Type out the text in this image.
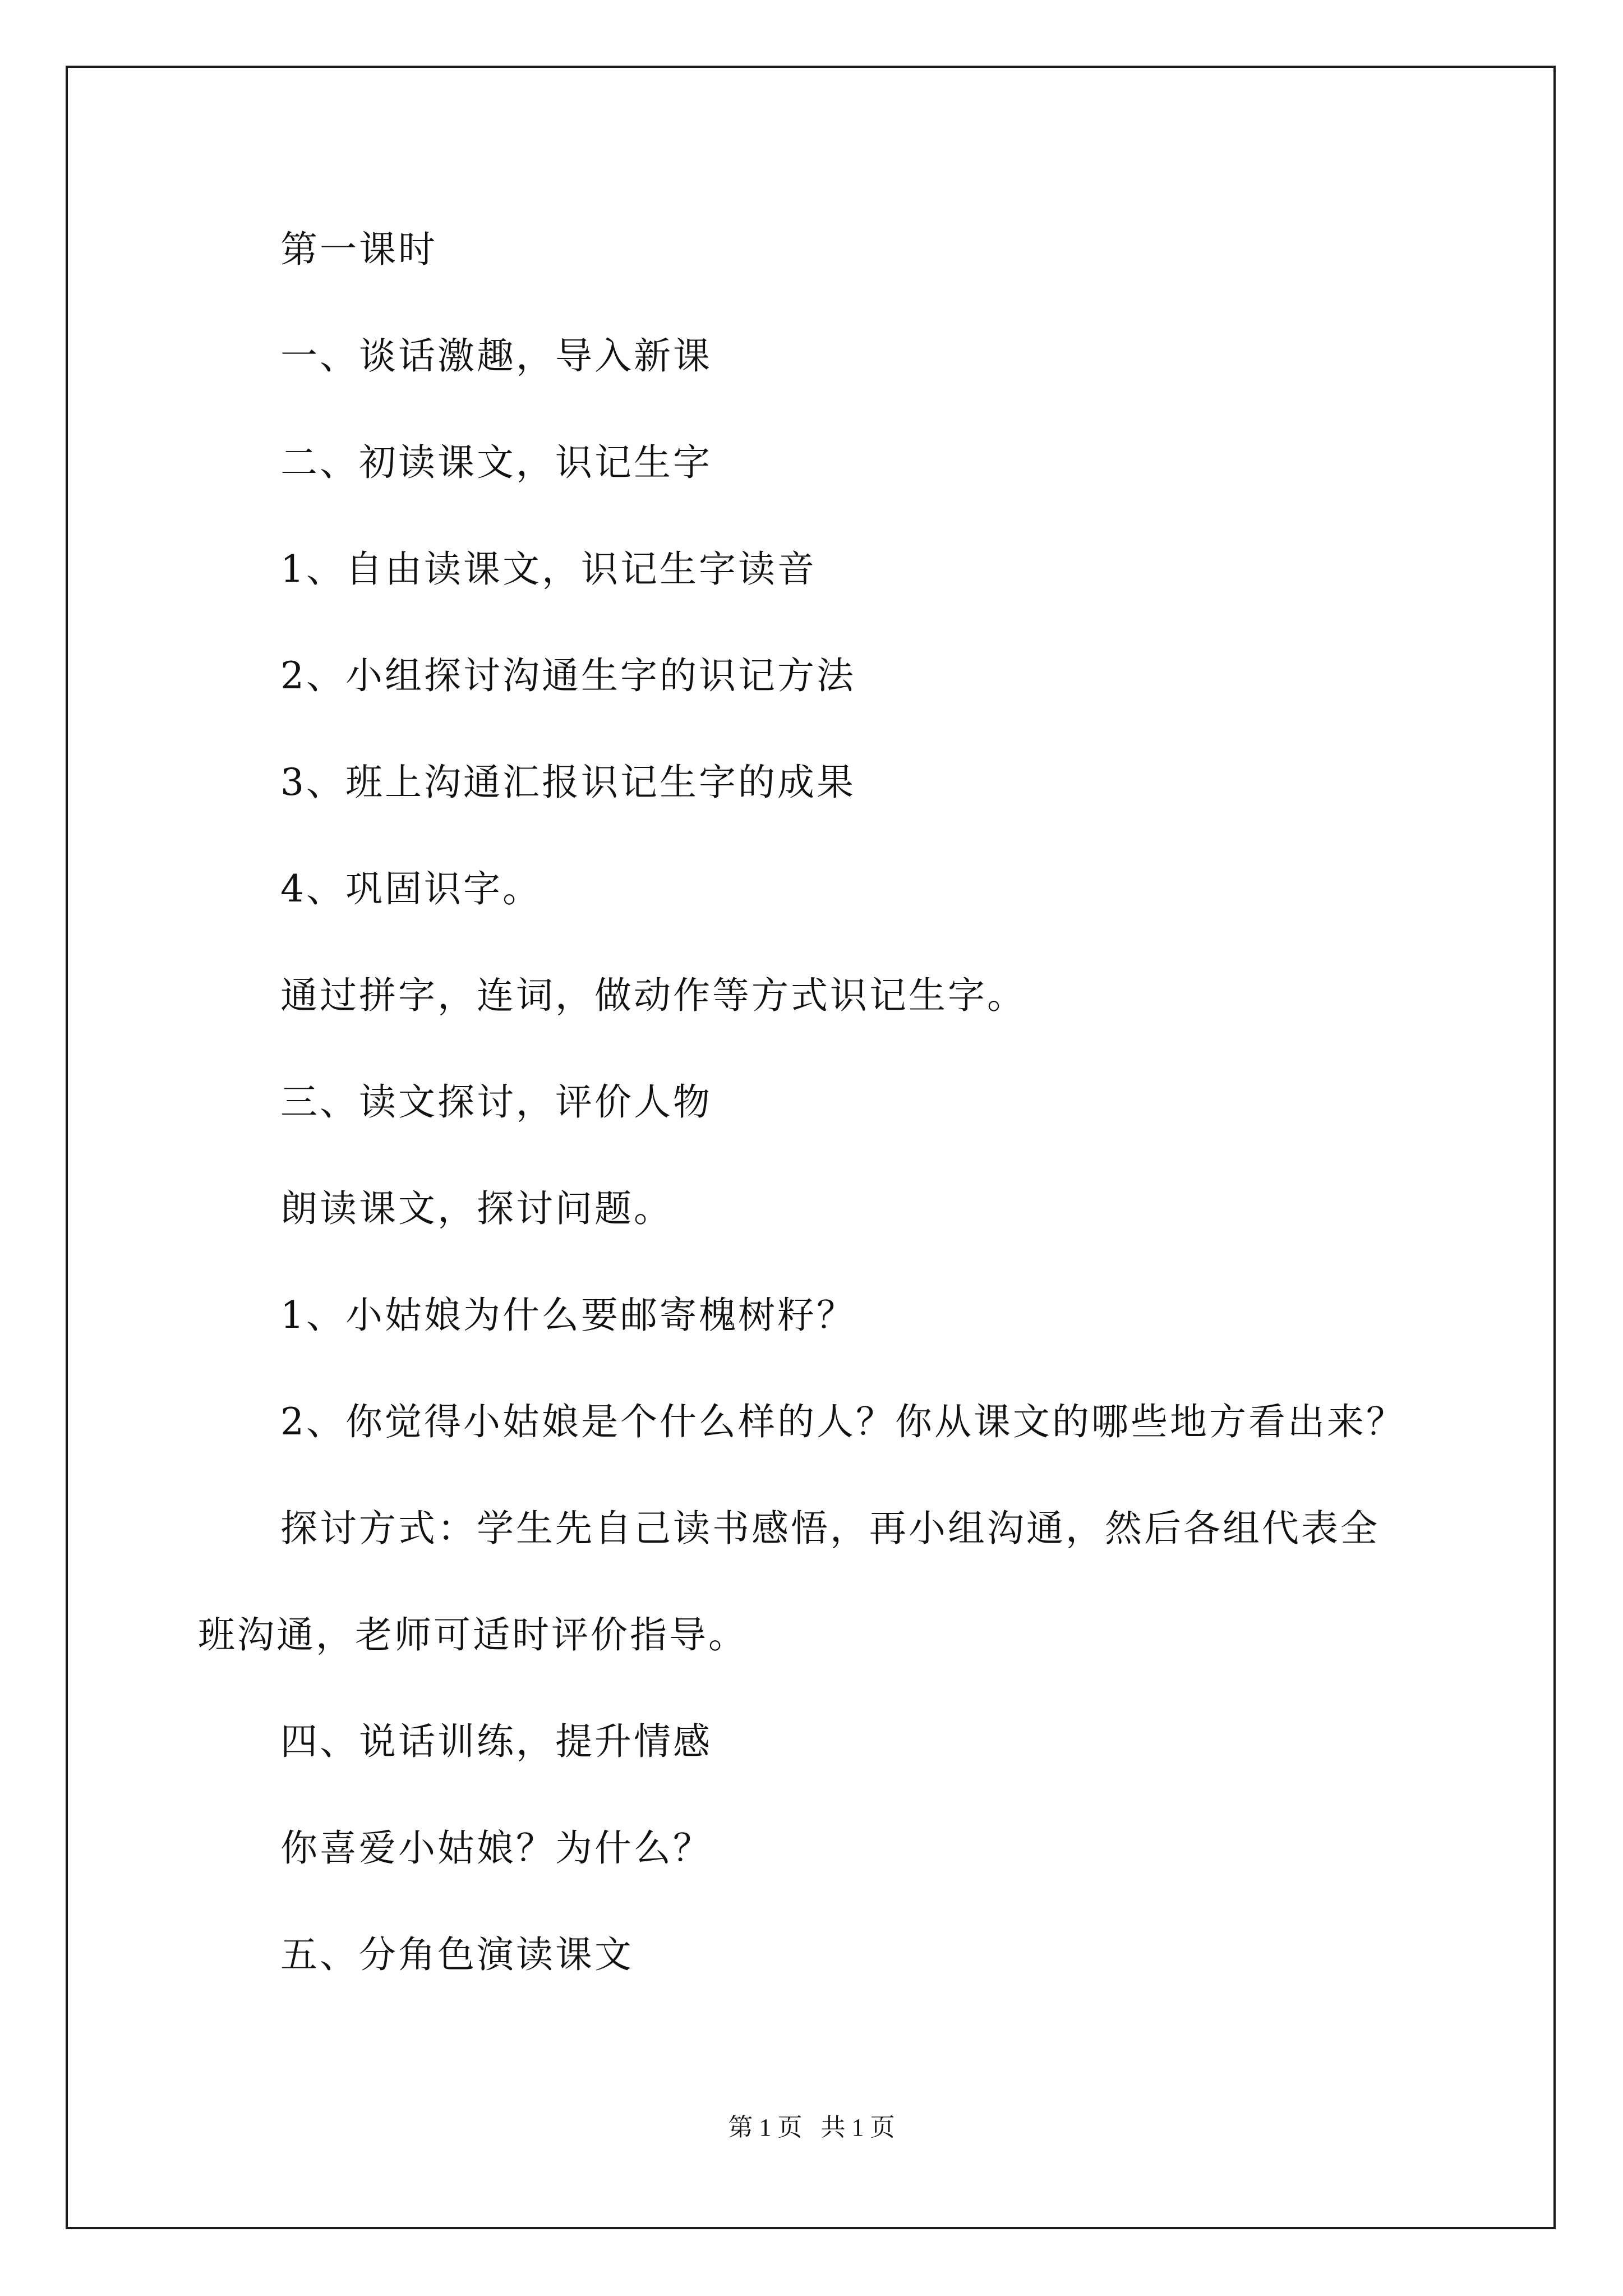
第一课时
一、谈话激趣，导入新课
二、初读课文，识记生字
1、自由读课文，识记生字读音
2、小组探讨沟通生字的识记方法
3、班上沟通汇报识记生字的成果
4、巩固识字。
通过拼字，连词，做动作等方式识记生字。
三、读文探讨，评价人物
朗读课文，探讨问题。
1、小姑娘为什么要邮寄槐树籽？
2、你觉得小姑娘是个什么样的人？你从课文的哪些地方看出来？
探讨方式：学生先自己读书感悟，再小组沟通，然后各组代表全
班沟通，老师可适时评价指导。
四、说话训练，提升情感
你喜爱小姑娘？为什么？
五、分角色演读课文
第 1 页   共 1 页
